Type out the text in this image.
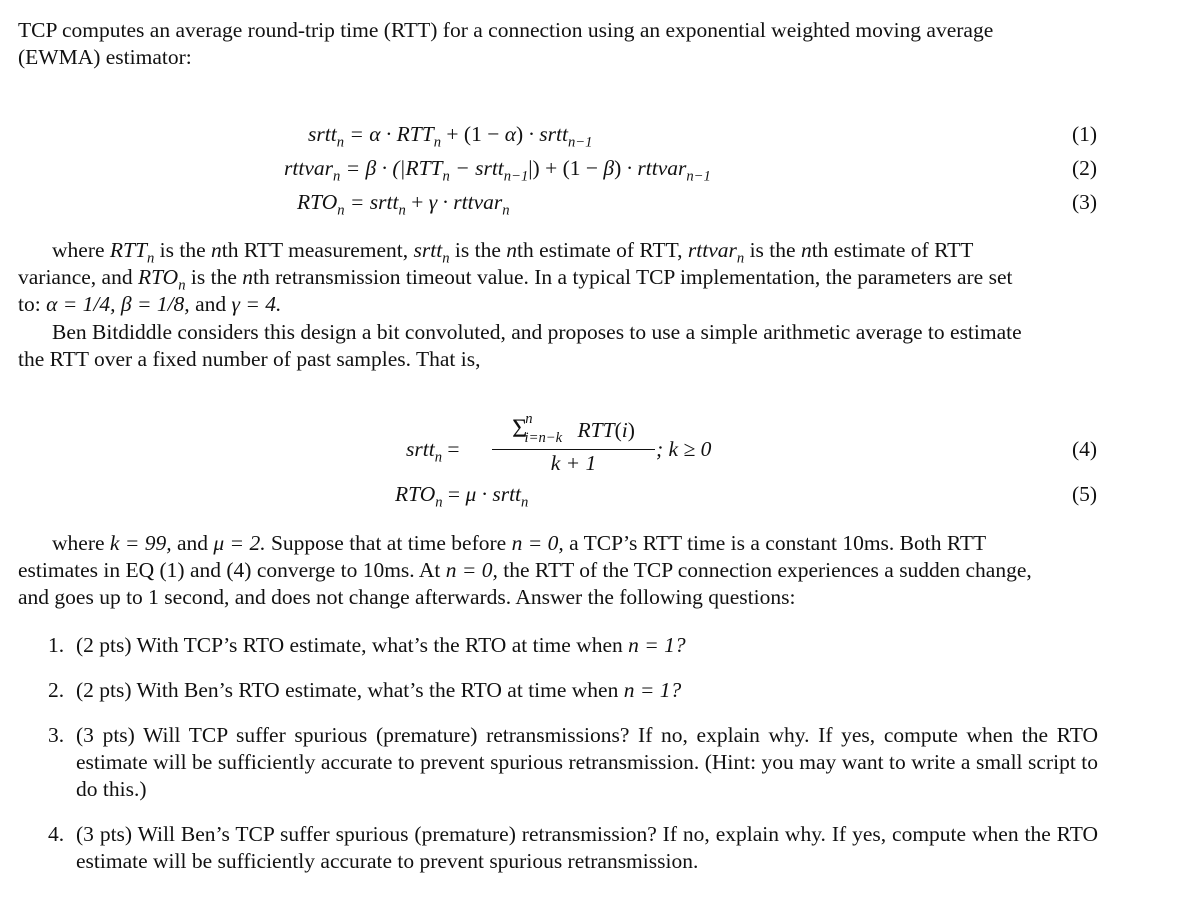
TCP computes an average round-trip time (RTT) for a connection using an exponential weighted moving average
(EWMA) estimator:
srtt$_n$ = $\alpha \cdot RTT_n + (1 - \alpha)$ · srtt$_{n-1}$	(1)
rttvar$_n$ = $\beta \cdot (|RTT_n$ − srtt$_{n-1}$|) + (1 − β) · rttvar$_{n-1}$	(2)
$RTO_n$ = srtt$_n$ + γ · rttvar$_n$	(3)
where $RTT_n$ is the nth RTT measurement, srtt$_n$ is the nth estimate of RTT, rttvar$_n$ is the nth estimate of RTT
variance, and $RTO_n$ is the nth retransmission timeout value. In a typical TCP implementation, the parameters are set
to: α = 1/4, β = 1/8, and γ = 4.
Ben Bitdiddle considers this design a bit convoluted, and proposes to use a simple arithmetic average to estimate
the RTT over a fixed number of past samples. That is,
srtt$_n$ =
$\Sigma^n_{i=n-k}$ RTT(i)
k + 1
; k ≥ 0	(4)
$RTO_n = \mu$ · srtt$_n$	(5)
where k = 99, and μ = 2. Suppose that at time before n = 0, a TCP’s RTT time is a constant 10ms. Both RTT
estimates in EQ (1) and (4) converge to 10ms. At n = 0, the RTT of the TCP connection experiences a sudden change,
and goes up to 1 second, and does not change afterwards. Answer the following questions:
1. (2 pts) With TCP’s RTO estimate, what’s the RTO at time when n = 1?
2. (2 pts) With Ben’s RTO estimate, what’s the RTO at time when n = 1?
3. (3 pts) Will TCP suffer spurious (premature) retransmissions? If no, explain why. If yes, compute when the RTO estimate will be sufficiently accurate to prevent spurious retransmission. (Hint: you may want to write a small script to do this.)
4. (3 pts) Will Ben’s TCP suffer spurious (premature) retransmission? If no, explain why. If yes, compute when the RTO estimate will be sufficiently accurate to prevent spurious retransmission.
